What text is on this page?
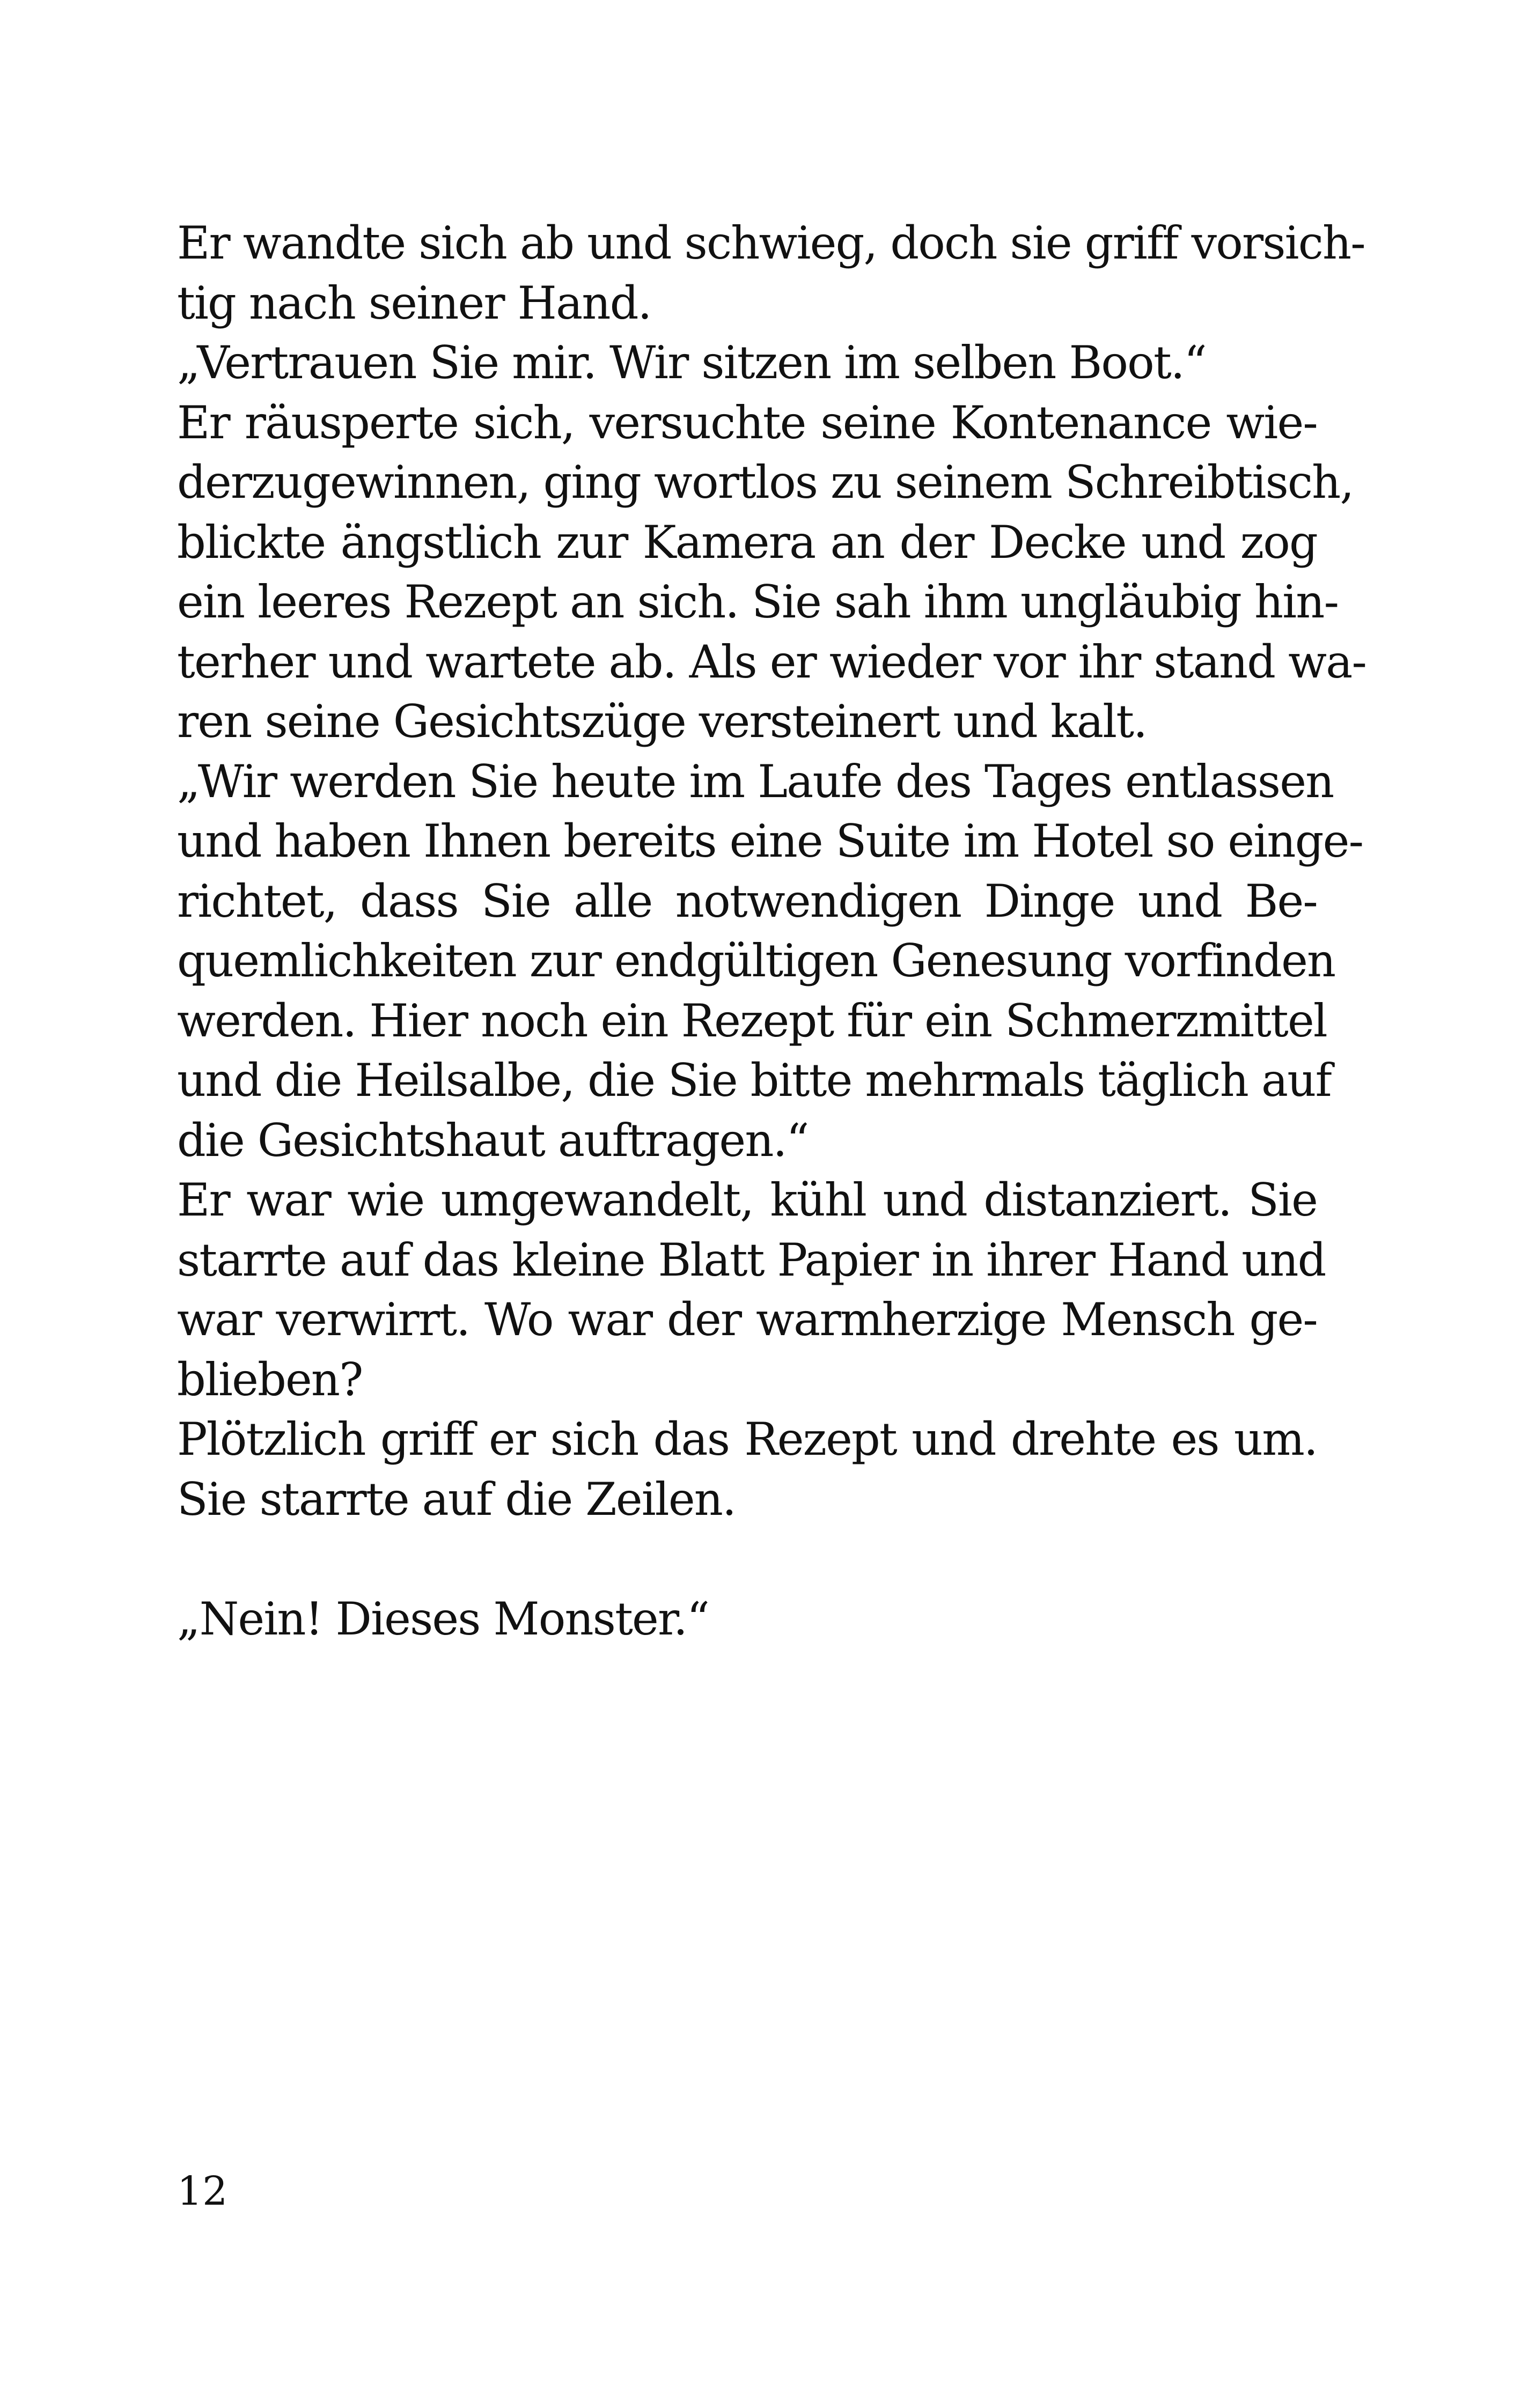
Er wandte sich ab und schwieg, doch sie griff vorsich-
tig nach seiner Hand.
„Vertrauen Sie mir. Wir sitzen im selben Boot.“
Er räusperte sich, versuchte seine Kontenance wie-
derzugewinnen, ging wortlos zu seinem Schreibtisch,
blickte ängstlich zur Kamera an der Decke und zog
ein leeres Rezept an sich. Sie sah ihm ungläubig hin-
terher und wartete ab. Als er wieder vor ihr stand wa-
ren seine Gesichtszüge versteinert und kalt.
„Wir werden Sie heute im Laufe des Tages entlassen
und haben Ihnen bereits eine Suite im Hotel so einge-
richtet, dass Sie alle notwendigen Dinge und Be-
quemlichkeiten zur endgültigen Genesung vorfinden
werden. Hier noch ein Rezept für ein Schmerzmittel
und die Heilsalbe, die Sie bitte mehrmals täglich auf
die Gesichtshaut auftragen.“
Er war wie umgewandelt, kühl und distanziert. Sie
starrte auf das kleine Blatt Papier in ihrer Hand und
war verwirrt. Wo war der warmherzige Mensch ge-
blieben?
Plötzlich griff er sich das Rezept und drehte es um.
Sie starrte auf die Zeilen.
„Nein! Dieses Monster.“
12
